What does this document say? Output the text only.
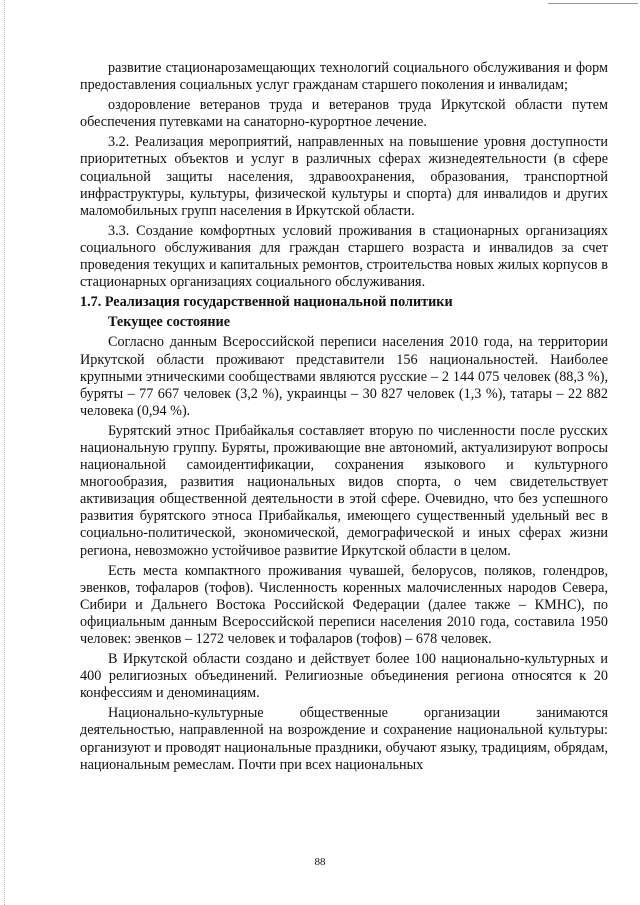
развитие стационарозамещающих технологий социального обслуживания и форм предоставления социальных услуг гражданам старшего поколения и инвалидам;

оздоровление ветеранов труда и ветеранов труда Иркутской области путем обеспечения путевками на санаторно-курортное лечение.

3.2. Реализация мероприятий, направленных на повышение уровня доступности приоритетных объектов и услуг в различных сферах жизнедеятельности (в сфере социальной защиты населения, здравоохранения, образования, транспортной инфраструктуры, культуры, физической культуры и спорта) для инвалидов и других маломобильных групп населения в Иркутской области.

3.3. Создание комфортных условий проживания в стационарных организациях социального обслуживания для граждан старшего возраста и инвалидов за счет проведения текущих и капитальных ремонтов, строительства новых жилых корпусов в стационарных организациях социального обслуживания.

1.7. Реализация государственной национальной политики

Текущее состояние

Согласно данным Всероссийской переписи населения 2010 года, на территории Иркутской области проживают представители 156 национальностей. Наиболее крупными этническими сообществами являются русские – 2 144 075 человек (88,3 %), буряты – 77 667 человек (3,2 %), украинцы – 30 827 человек (1,3 %), татары – 22 882 человека (0,94 %).

Бурятский этнос Прибайкалья составляет вторую по численности после русских национальную группу. Буряты, проживающие вне автономий, актуализируют вопросы национальной самоидентификации, сохранения языкового и культурного многообразия, развития национальных видов спорта, о чем свидетельствует активизация общественной деятельности в этой сфере. Очевидно, что без успешного развития бурятского этноса Прибайкалья, имеющего существенный удельный вес в социально-политической, экономической, демографической и иных сферах жизни региона, невозможно устойчивое развитие Иркутской области в целом.

Есть места компактного проживания чувашей, белорусов, поляков, голендров, эвенков, тофаларов (тофов). Численность коренных малочисленных народов Севера, Сибири и Дальнего Востока Российской Федерации (далее также – КМНС), по официальным данным Всероссийской переписи населения 2010 года, составила 1950 человек: эвенков – 1272 человек и тофаларов (тофов) – 678 человек.

В Иркутской области создано и действует более 100 национально-культурных и 400 религиозных объединений. Религиозные объединения региона относятся к 20 конфессиям и деноминациям.

Национально-культурные общественные организации занимаются деятельностью, направленной на возрождение и сохранение национальной культуры: организуют и проводят национальные праздники, обучают языку, традициям, обрядам, национальным ремеслам. Почти при всех национальных

88
